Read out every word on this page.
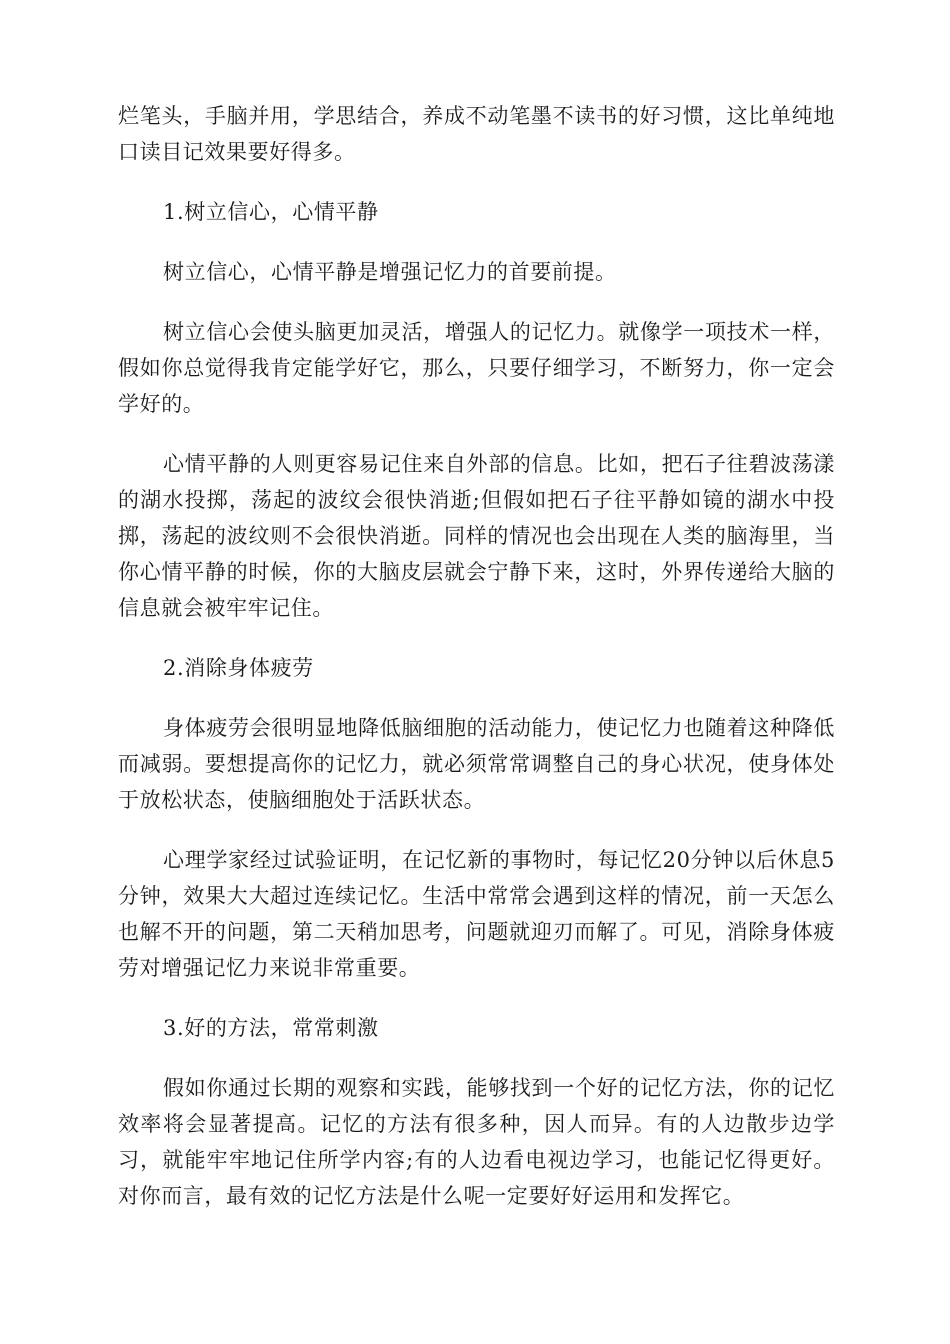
烂笔头，手脑并用，学思结合，养成不动笔墨不读书的好习惯，这比单纯地口读目记效果要好得多。

1.树立信心，心情平静

树立信心，心情平静是增强记忆力的首要前提。

树立信心会使头脑更加灵活，增强人的记忆力。就像学一项技术一样，假如你总觉得我肯定能学好它，那么，只要仔细学习，不断努力，你一定会学好的。

心情平静的人则更容易记住来自外部的信息。比如，把石子往碧波荡漾的湖水投掷，荡起的波纹会很快消逝;但假如把石子往平静如镜的湖水中投掷，荡起的波纹则不会很快消逝。同样的情况也会出现在人类的脑海里，当你心情平静的时候，你的大脑皮层就会宁静下来，这时，外界传递给大脑的信息就会被牢牢记住。

2.消除身体疲劳

身体疲劳会很明显地降低脑细胞的活动能力，使记忆力也随着这种降低而减弱。要想提高你的记忆力，就必须常常调整自己的身心状况，使身体处于放松状态，使脑细胞处于活跃状态。

心理学家经过试验证明，在记忆新的事物时，每记忆20分钟以后休息5分钟，效果大大超过连续记忆。生活中常常会遇到这样的情况，前一天怎么也解不开的问题，第二天稍加思考，问题就迎刃而解了。可见，消除身体疲劳对增强记忆力来说非常重要。

3.好的方法，常常刺激

假如你通过长期的观察和实践，能够找到一个好的记忆方法，你的记忆效率将会显著提高。记忆的方法有很多种，因人而异。有的人边散步边学习，就能牢牢地记住所学内容;有的人边看电视边学习，也能记忆得更好。对你而言，最有效的记忆方法是什么呢一定要好好运用和发挥它。
